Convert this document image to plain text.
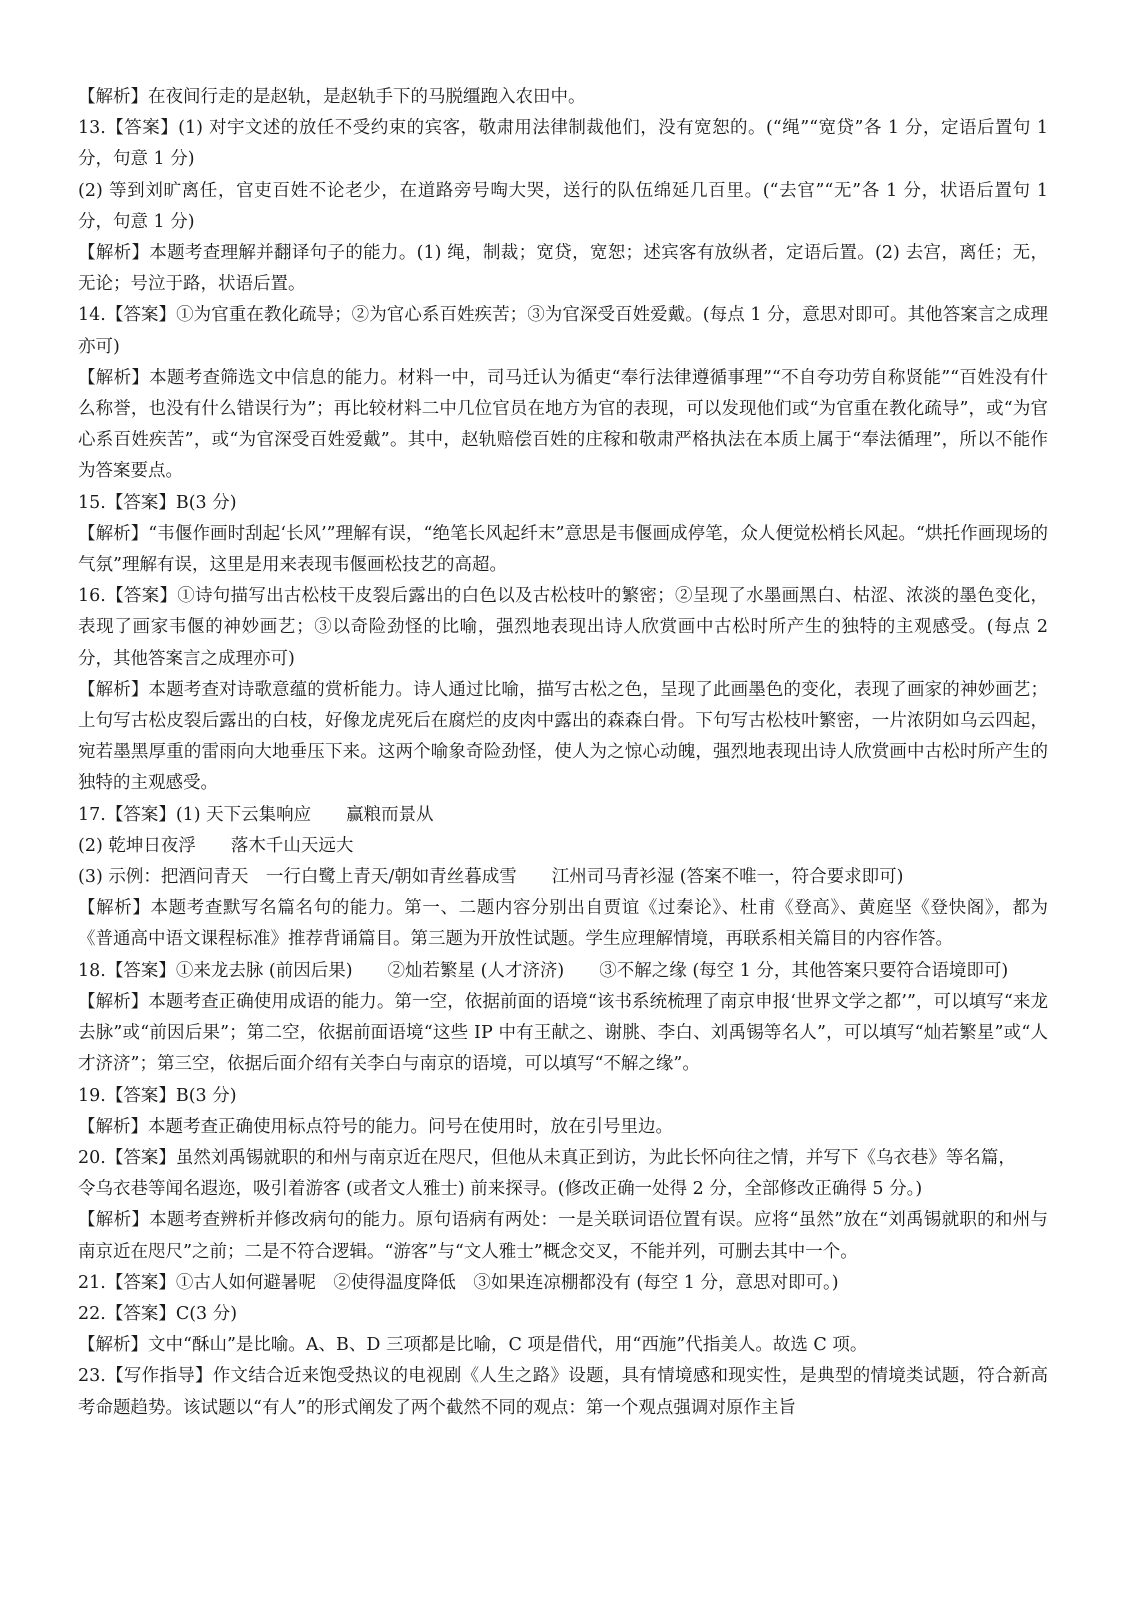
【解析】在夜间行走的是赵轨，是赵轨手下的马脱缰跑入农田中。

13.【答案】(1) 对宇文述的放任不受约束的宾客，敬肃用法律制裁他们，没有宽恕的。(“绳”“宽贷”各 1 分，定语后置句 1 分，句意 1 分)

(2) 等到刘旷离任，官吏百姓不论老少，在道路旁号啕大哭，送行的队伍绵延几百里。(“去官”“无”各 1 分，状语后置句 1 分，句意 1 分)

【解析】本题考查理解并翻译句子的能力。(1) 绳，制裁；宽贷，宽恕；述宾客有放纵者，定语后置。(2) 去宫，离任；无，无论；号泣于路，状语后置。

14.【答案】①为官重在教化疏导；②为官心系百姓疾苦；③为官深受百姓爱戴。(每点 1 分，意思对即可。其他答案言之成理亦可)

【解析】本题考查筛选文中信息的能力。材料一中，司马迁认为循吏“奉行法律遵循事理”“不自夸功劳自称贤能”“百姓没有什么称誉，也没有什么错误行为”；再比较材料二中几位官员在地方为官的表现，可以发现他们或“为官重在教化疏导”，或“为官心系百姓疾苦”，或“为官深受百姓爱戴”。其中，赵轨赔偿百姓的庄稼和敬肃严格执法在本质上属于“奉法循理”，所以不能作为答案要点。

15.【答案】B(3 分)

【解析】“韦偃作画时刮起‘长风’”理解有误，“绝笔长风起纤末”意思是韦偃画成停笔，众人便觉松梢长风起。“烘托作画现场的气氛”理解有误，这里是用来表现韦偃画松技艺的高超。

16.【答案】①诗句描写出古松枝干皮裂后露出的白色以及古松枝叶的繁密；②呈现了水墨画黑白、枯涩、浓淡的墨色变化，表现了画家韦偃的神妙画艺；③以奇险劲怪的比喻，强烈地表现出诗人欣赏画中古松时所产生的独特的主观感受。(每点 2 分，其他答案言之成理亦可)

【解析】本题考查对诗歌意蕴的赏析能力。诗人通过比喻，描写古松之色，呈现了此画墨色的变化，表现了画家的神妙画艺；上句写古松皮裂后露出的白枝，好像龙虎死后在腐烂的皮肉中露出的森森白骨。下句写古松枝叶繁密，一片浓阴如乌云四起，宛若墨黑厚重的雷雨向大地垂压下来。这两个喻象奇险劲怪，使人为之惊心动魄，强烈地表现出诗人欣赏画中古松时所产生的独特的主观感受。

17.【答案】(1) 天下云集响应　　赢粮而景从

(2) 乾坤日夜浮　　落木千山天远大

(3) 示例：把酒问青天　一行白鹭上青天/朝如青丝暮成雪　　江州司马青衫湿 (答案不唯一，符合要求即可)

【解析】本题考查默写名篇名句的能力。第一、二题内容分别出自贾谊《过秦论》、杜甫《登高》、黄庭坚《登快阁》，都为《普通高中语文课程标准》推荐背诵篇目。第三题为开放性试题。学生应理解情境，再联系相关篇目的内容作答。

18.【答案】①来龙去脉 (前因后果)　　②灿若繁星 (人才济济)　　③不解之缘 (每空 1 分，其他答案只要符合语境即可)

【解析】本题考查正确使用成语的能力。第一空，依据前面的语境“该书系统梳理了南京申报‘世界文学之都’”，可以填写“来龙去脉”或“前因后果”；第二空，依据前面语境“这些 IP 中有王献之、谢朓、李白、刘禹锡等名人”，可以填写“灿若繁星”或“人才济济”；第三空，依据后面介绍有关李白与南京的语境，可以填写“不解之缘”。

19.【答案】B(3 分)

【解析】本题考查正确使用标点符号的能力。问号在使用时，放在引号里边。

20.【答案】虽然刘禹锡就职的和州与南京近在咫尺，但他从未真正到访，为此长怀向往之情，并写下《乌衣巷》等名篇，

令乌衣巷等闻名遐迩，吸引着游客 (或者文人雅士) 前来探寻。(修改正确一处得 2 分，全部修改正确得 5 分。)

【解析】本题考查辨析并修改病句的能力。原句语病有两处：一是关联词语位置有误。应将“虽然”放在“刘禹锡就职的和州与南京近在咫尺”之前；二是不符合逻辑。“游客”与“文人雅士”概念交叉，不能并列，可删去其中一个。

21.【答案】①古人如何避暑呢　②使得温度降低　③如果连凉棚都没有 (每空 1 分，意思对即可。)

22.【答案】C(3 分)

【解析】文中“酥山”是比喻。A、B、D 三项都是比喻，C 项是借代，用“西施”代指美人。故选 C 项。

23.【写作指导】作文结合近来饱受热议的电视剧《人生之路》设题，具有情境感和现实性，是典型的情境类试题，符合新高考命题趋势。该试题以“有人”的形式阐发了两个截然不同的观点：第一个观点强调对原作主旨
